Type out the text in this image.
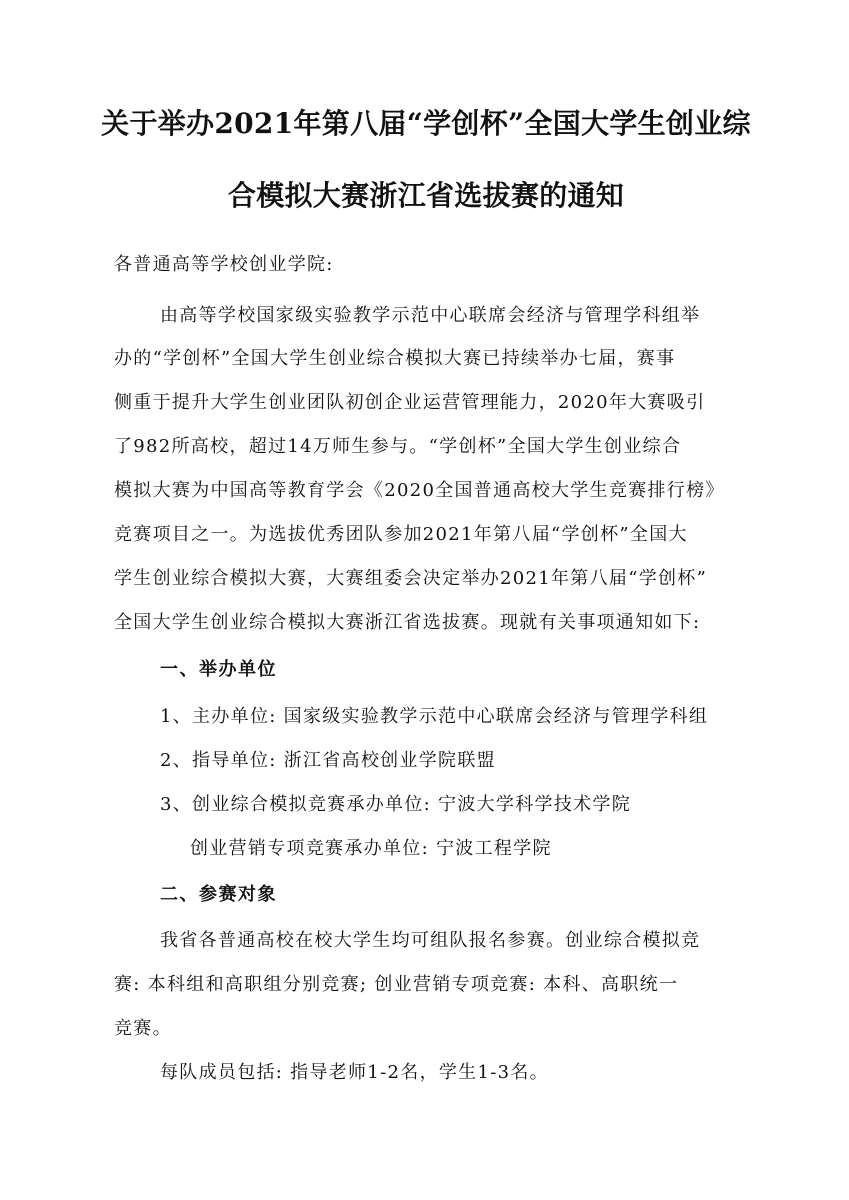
关于举办2021年第八届“学创杯”全国大学生创业综
合模拟大赛浙江省选拔赛的通知

各普通高等学校创业学院:

由高等学校国家级实验教学示范中心联席会经济与管理学科组举

办的“学创杯”全国大学生创业综合模拟大赛已持续举办七届，赛事

侧重于提升大学生创业团队初创企业运营管理能力，2020年大赛吸引

了982所高校，超过14万师生参与。“学创杯”全国大学生创业综合

模拟大赛为中国高等教育学会《2020全国普通高校大学生竞赛排行榜》

竞赛项目之一。为选拔优秀团队参加2021年第八届“学创杯”全国大

学生创业综合模拟大赛，大赛组委会决定举办2021年第八届“学创杯”

全国大学生创业综合模拟大赛浙江省选拔赛。现就有关事项通知如下:

一、举办单位

1、主办单位: 国家级实验教学示范中心联席会经济与管理学科组

2、指导单位: 浙江省高校创业学院联盟

3、创业综合模拟竞赛承办单位: 宁波大学科学技术学院

创业营销专项竞赛承办单位: 宁波工程学院

二、参赛对象

我省各普通高校在校大学生均可组队报名参赛。创业综合模拟竞

赛: 本科组和高职组分别竞赛; 创业营销专项竞赛: 本科、高职统一

竞赛。

每队成员包括: 指导老师1-2名，学生1-3名。
